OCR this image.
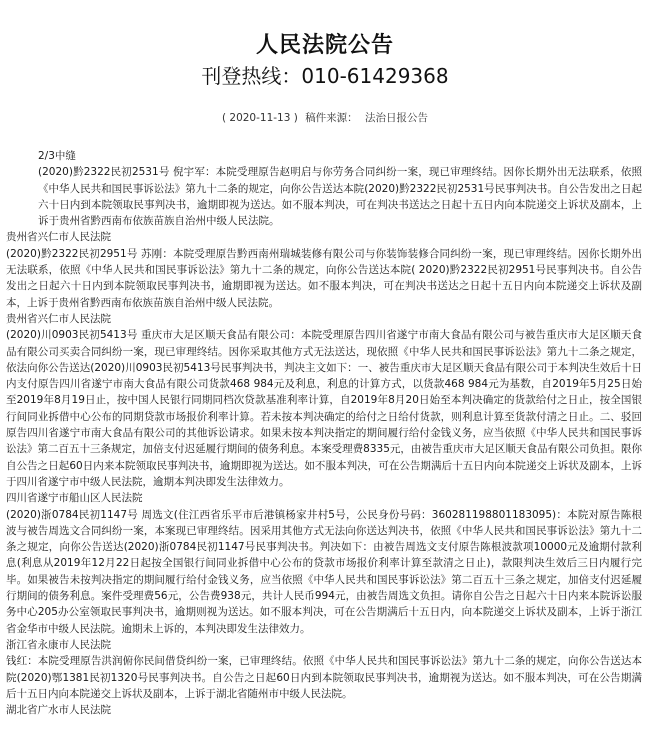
人民法院公告
刊登热线：010-61429368
( 2020-11-13 ) 稿件来源： 法治日报公告

2/3中缝

(2020)黔2322民初2531号 倪宇军：本院受理原告赵明启与你劳务合同纠纷一案，现已审理终结。因你长期外出无法联系，依照《中华人民共和国民事诉讼法》第九十二条的规定，向你公告送达本院(2020)黔2322民初2531号民事判决书。自公告发出之日起六十日内到本院领取民事判决书，逾期即视为送达。如不服本判决，可在判决书送达之日起十五日内向本院递交上诉状及副本，上诉于贵州省黔西南布依族苗族自治州中级人民法院。

贵州省兴仁市人民法院

(2020)黔2322民初2951号 苏刚：本院受理原告黔西南州瑞城装修有限公司与你装饰装修合同纠纷一案，现已审理终结。因你长期外出无法联系，依照《中华人民共和国民事诉讼法》第九十二条的规定，向你公告送达本院( 2020)黔2322民初2951号民事判决书。自公告发出之日起六十日内到本院领取民事判决书，逾期即视为送达。如不服本判决，可在判决书送达之日起十五日内向本院递交上诉状及副本，上诉于贵州省黔西南布依族苗族自治州中级人民法院。

贵州省兴仁市人民法院

(2020)川0903民初5413号 重庆市大足区顺天食品有限公司：本院受理原告四川省遂宁市南大食品有限公司与被告重庆市大足区顺天食品有限公司买卖合同纠纷一案，现已审理终结。因你采取其他方式无法送达，现依照《中华人民共和国民事诉讼法》第九十二条之规定，依法向你公告送达(2020)川0903民初5413号民事判决书，判决主文如下：一、被告重庆市大足区顺天食品有限公司于本判决生效后十日内支付原告四川省遂宁市南大食品有限公司货款468 984元及利息，利息的计算方式，以货款468 984元为基数，自2019年5月25日始至2019年8月19日止，按中国人民银行同期同档次贷款基准利率计算，自2019年8月20日始至本判决确定的货款给付之日止，按全国银行间同业拆借中心公布的同期贷款市场报价利率计算。若未按本判决确定的给付之日给付货款，则利息计算至货款付清之日止。二、驳回原告四川省遂宁市南大食品有限公司的其他诉讼请求。如果未按本判决指定的期间履行给付金钱义务，应当依照《中华人民共和国民事诉讼法》第二百五十三条规定，加倍支付迟延履行期间的债务利息。本案受理费8335元，由被告重庆市大足区顺天食品有限公司负担。限你自公告之日起60日内来本院领取民事判决书，逾期即视为送达。如不服本判决，可在公告期满后十五日内向本院递交上诉状及副本，上诉于四川省遂宁市中级人民法院，逾期本判决即发生法律效力。

四川省遂宁市船山区人民法院

(2020)浙0784民初1147号 周选文(住江西省乐平市后港镇杨家井村5号，公民身份号码：360281198801183095)：本院对原告陈根波与被告周选文合同纠纷一案，本案现已审理终结。因采用其他方式无法向你送达判决书，依照《中华人民共和国民事诉讼法》第九十二条之规定，向你公告送达(2020)浙0784民初1147号民事判决书。判决如下：由被告周选文支付原告陈根波款项10000元及逾期付款利息(利息从2019年12月22日起按全国银行间同业拆借中心公布的贷款市场报价利率计算至款清之日止)，款限判决生效后三日内履行完毕。如果被告未按判决指定的期间履行给付金钱义务，应当依照《中华人民共和国民事诉讼法》第二百五十三条之规定，加倍支付迟延履行期间的债务利息。案件受理费56元，公告费938元，共计人民币994元，由被告周选文负担。请你自公告之日起六十日内来本院诉讼服务中心205办公室领取民事判决书，逾期则视为送达。如不服本判决，可在公告期满后十五日内，向本院递交上诉状及副本，上诉于浙江省金华市中级人民法院。逾期未上诉的，本判决即发生法律效力。

浙江省永康市人民法院

钱红：本院受理原告洪润俯你民间借贷纠纷一案，已审理终结。依照《中华人民共和国民事诉讼法》第九十二条的规定，向你公告送达本院(2020)鄂1381民初1320号民事判决书。自公告之日起60日内到本院领取民事判决书，逾期视为送达。如不服本判决，可在公告期满后十五日内向本院递交上诉状及副本，上诉于湖北省随州市中级人民法院。

湖北省广水市人民法院
